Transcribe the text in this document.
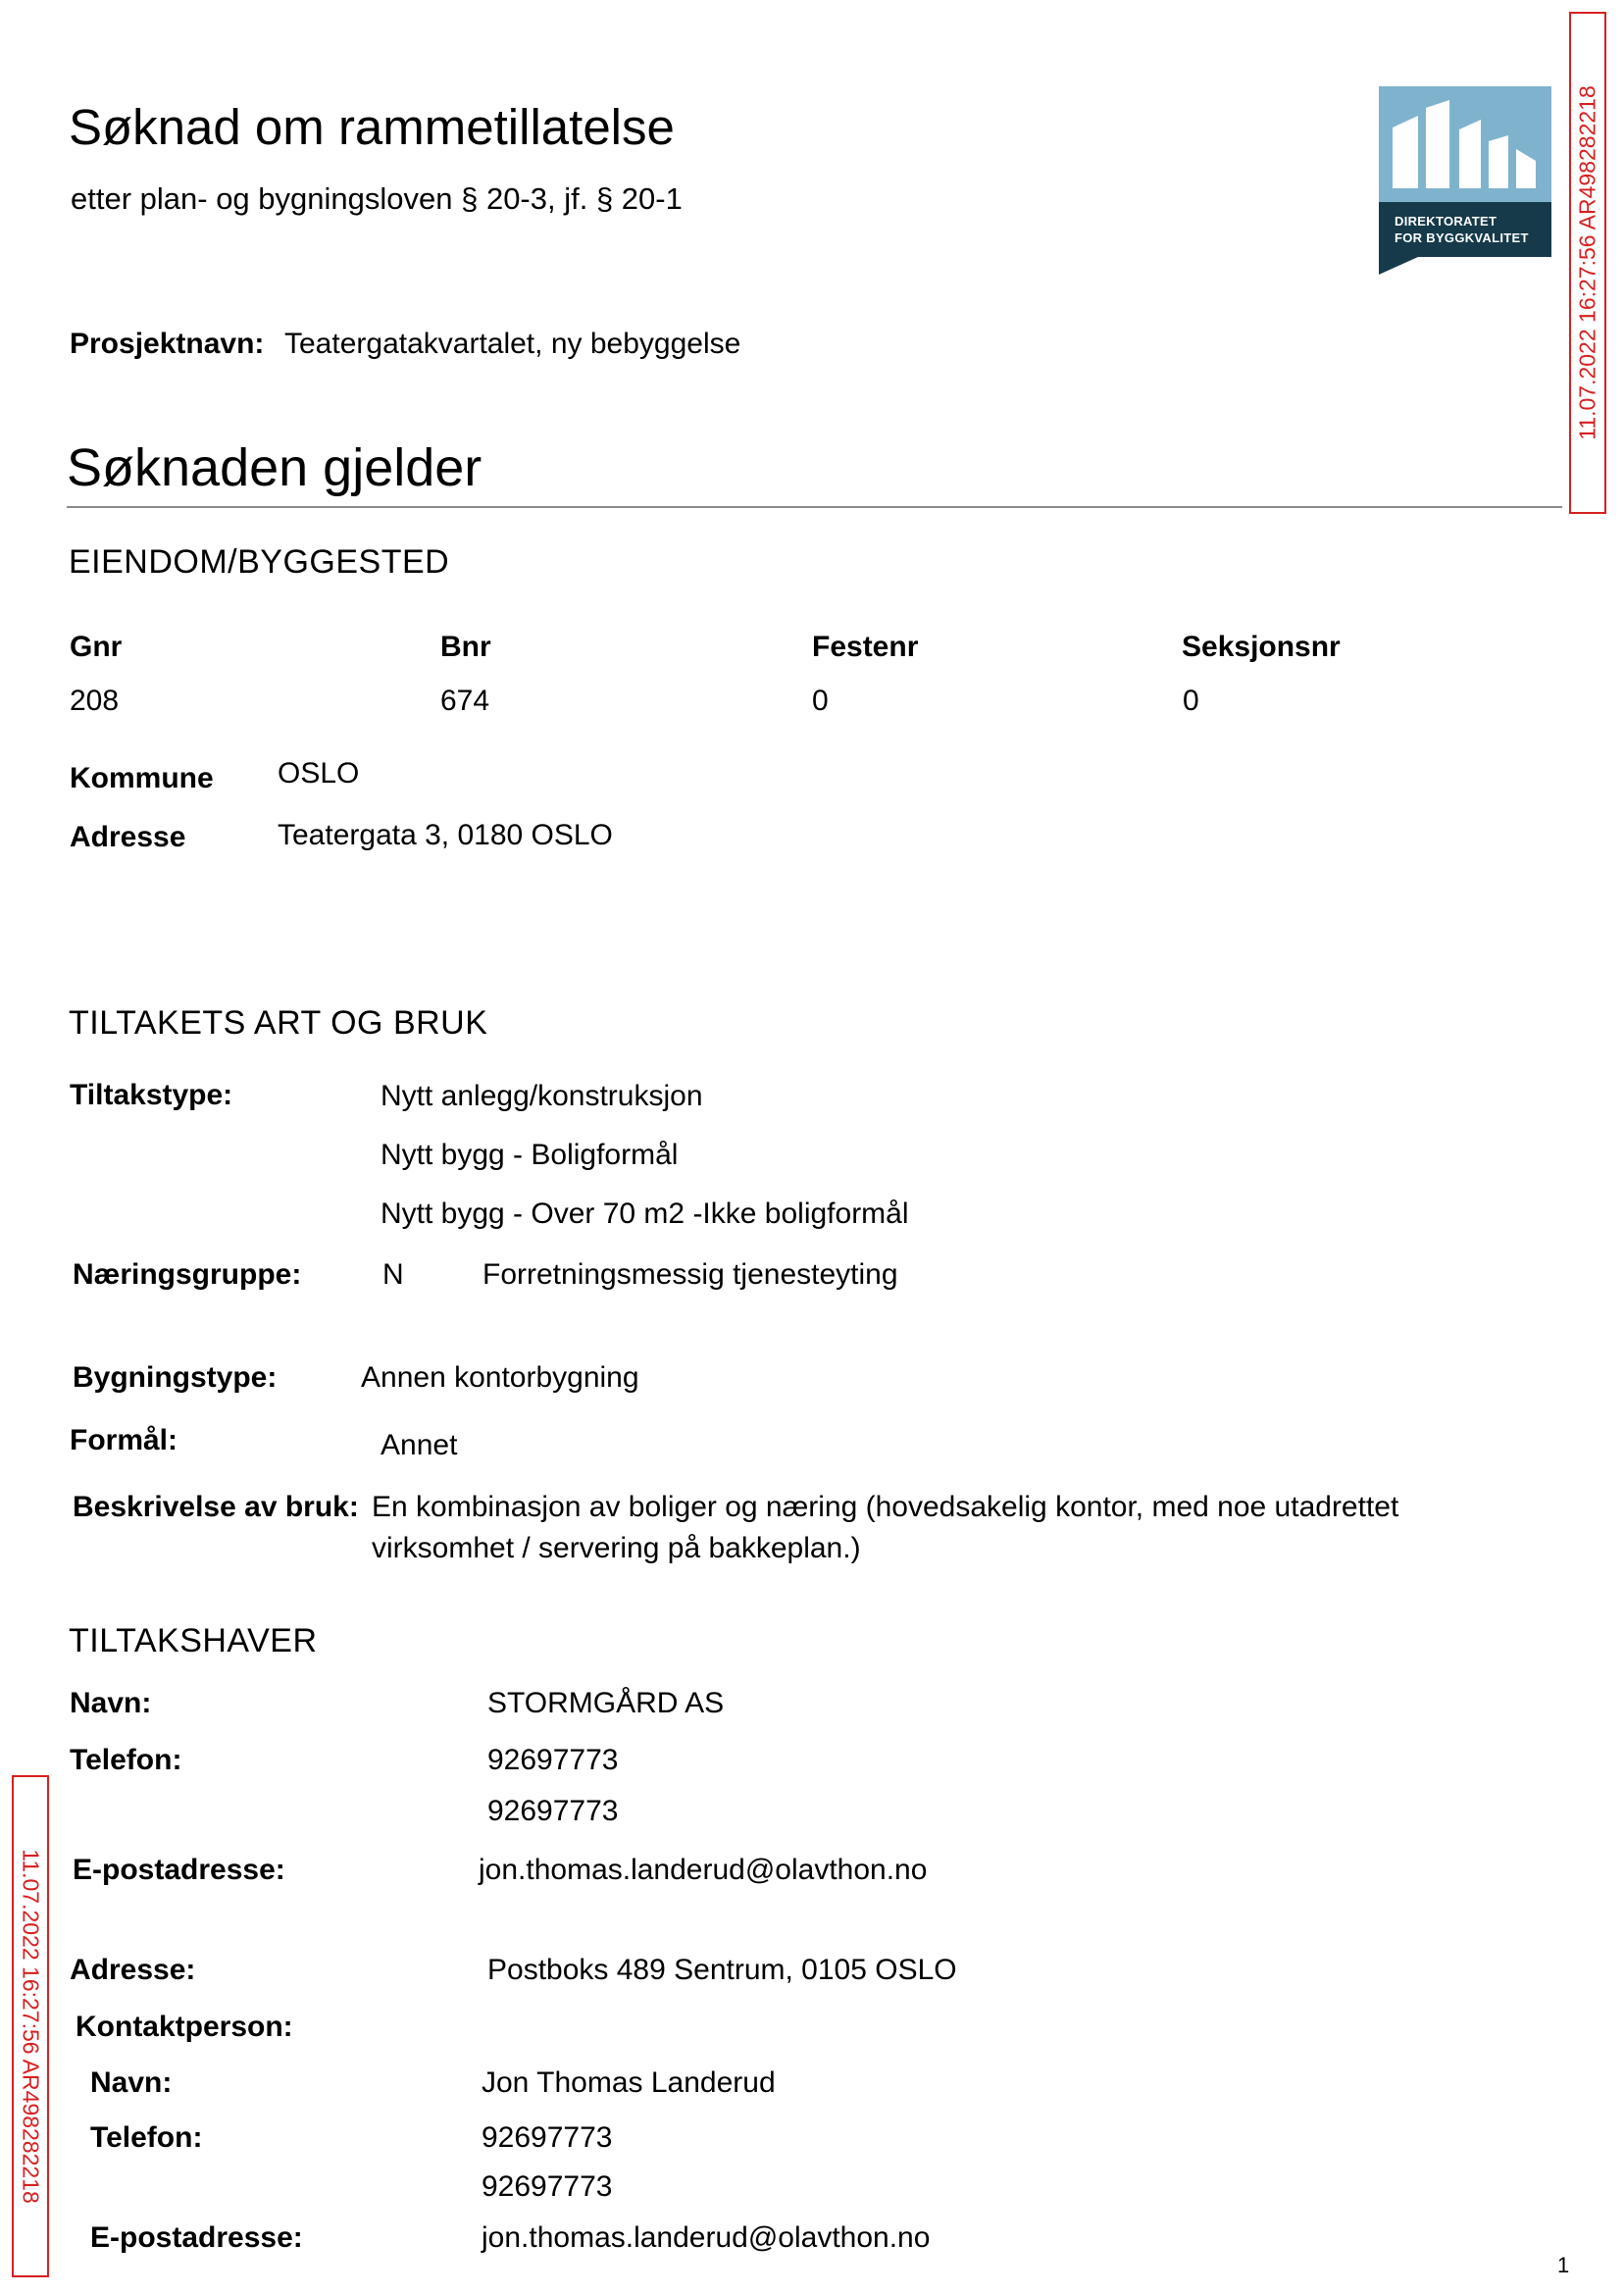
Søknad om rammetillatelse
etter plan- og bygningsloven § 20-3, jf. § 20-1
DIREKTORATET
FOR BYGGKVALITET 11.07.2022 16:27:56 AR498282218
11.07.2022 16:27:56 AR498282218
Prosjektnavn: Teatergatakvartalet, ny bebyggelse
Søknaden gjelder
EIENDOM/BYGGESTED
Gnr	Bnr	Festenr	Seksjonsnr
208	674	0	0
Kommune OSLO
Adresse	Teatergata 3, 0180 OSLO
TILTAKETS ART OG BRUK
Tiltakstype:	Nytt anlegg/konstruksjon
Nytt bygg - Boligformål
Nytt bygg - Over 70 m2 -Ikke boligformål
Næringsgruppe:	N	Forretningsmessig tjenesteyting
Bygningstype:	Annen kontorbygning
Formål:	Annet
Beskrivelse av bruk: En kombinasjon av boliger og næring (hovedsakelig kontor, med noe utadrettet
virksomhet / servering på bakkeplan.)
TILTAKSHAVER
Navn:	STORMGÅRD AS
Telefon:	92697773
92697773
E-postadresse:	jon.thomas.landerud@olavthon.no
Adresse:	Postboks 489 Sentrum, 0105 OSLO
Kontaktperson:
Navn:	Jon Thomas Landerud
Telefon:	92697773
92697773
E-postadresse:	jon.thomas.landerud@olavthon.no
1
